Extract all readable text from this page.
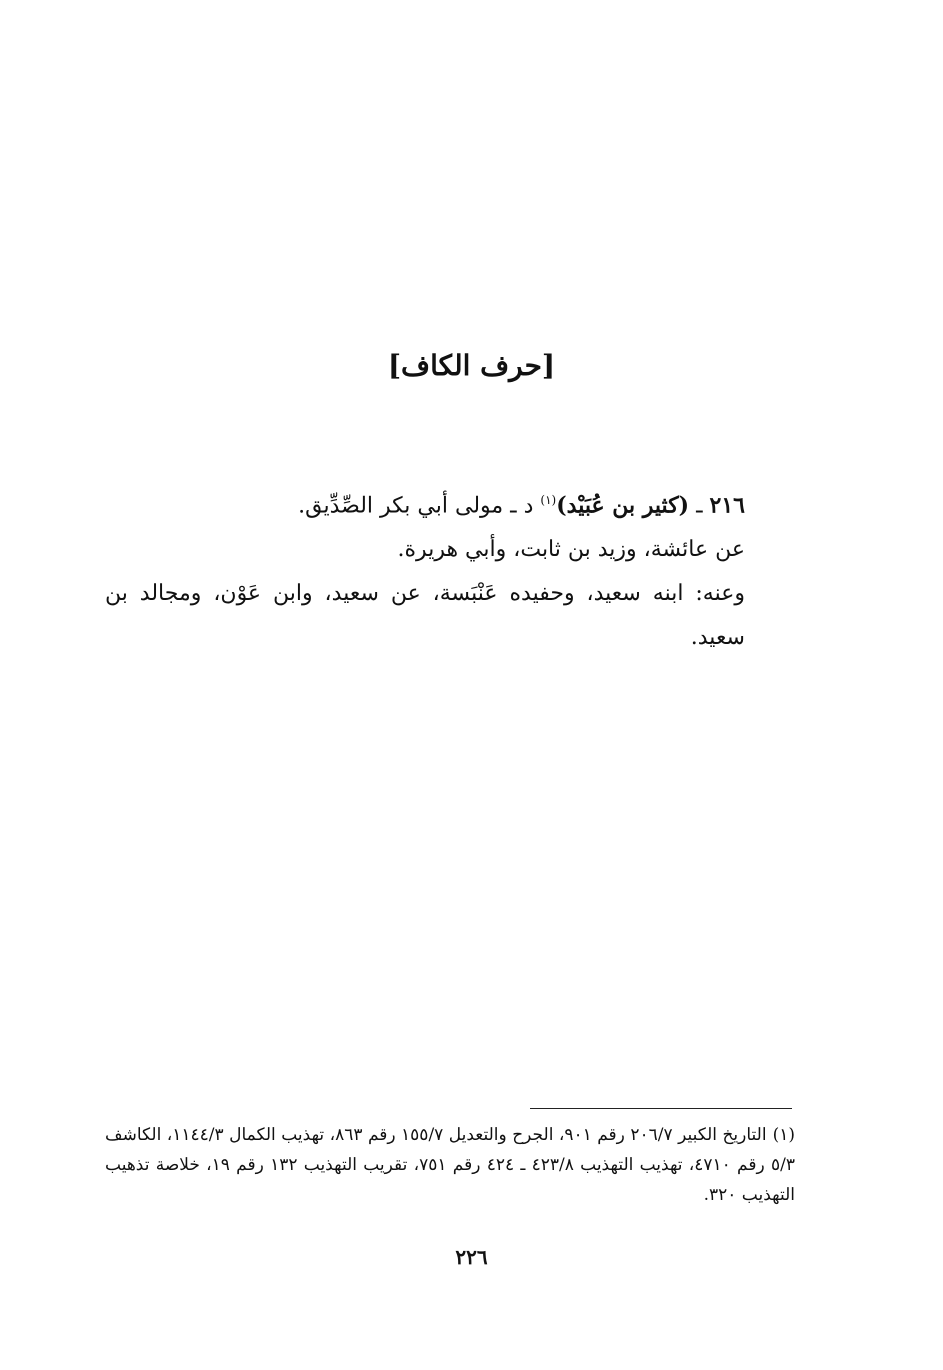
[حرف الكاف]

٢١٦ ـ (كثير بن عُبَيْد)$^{(١)}$ د ـ مولى أبي بكر الصِّدِّيق.

عن عائشة، وزيد بن ثابت، وأبي هريرة.

وعنه: ابنه سعيد، وحفيده عَنْبَسة، عن سعيد، وابن عَوْن، ومجالد بن سعيد.

(١)التاريخ الكبير ٢٠٦/٧ رقم ٩٠١، الجرح والتعديل ١٥٥/٧ رقم ٨٦٣، تهذيب الكمال ١١٤٤/٣، الكاشف ٥/٣ رقم ٤٧١٠، تهذيب التهذيب ٤٢٣/٨ ـ ٤٢٤ رقم ٧٥١، تقريب التهذيب ١٣٢ رقم ١٩، خلاصة تذهيب التهذيب ٣٢٠.
٢٢٦
